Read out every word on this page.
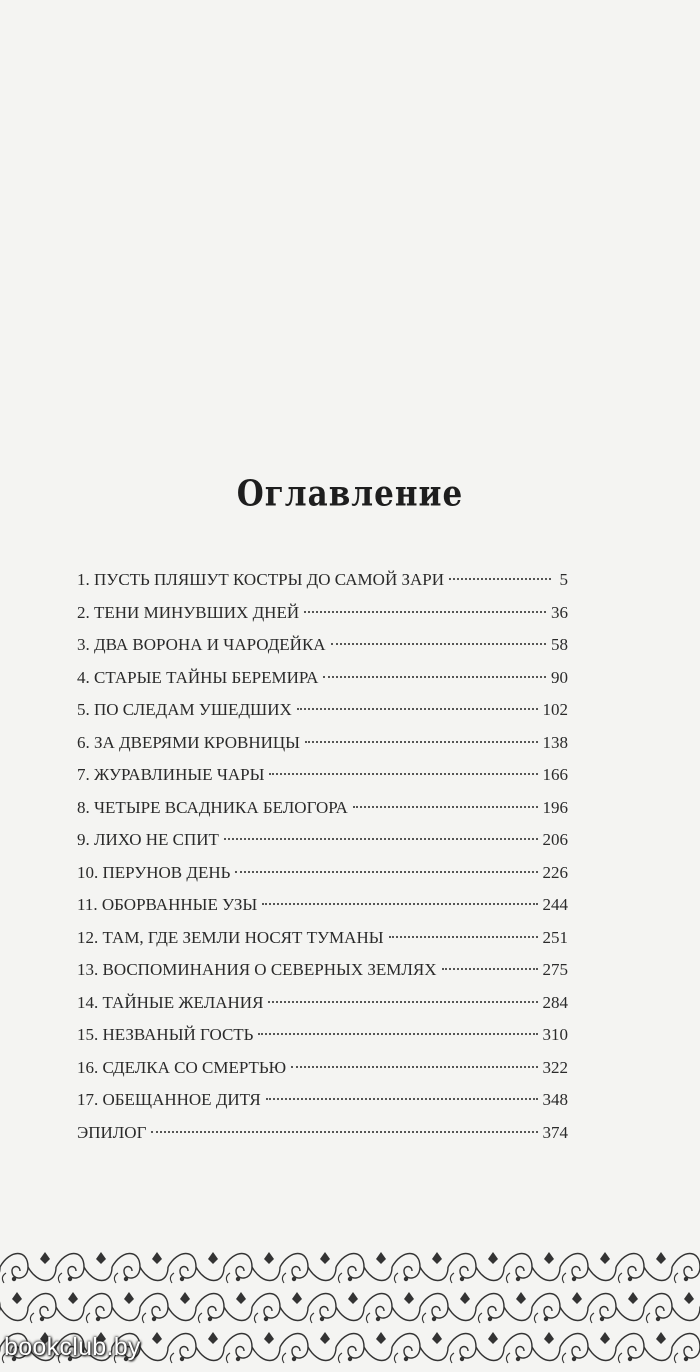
Оглавление
1. ПУСТЬ ПЛЯШУТ КОСТРЫ ДО САМОЙ ЗАРИ	5
2. ТЕНИ МИНУВШИХ ДНЕЙ	36
3. ДВА ВОРОНА И ЧАРОДЕЙКА	58
4. СТАРЫЕ ТАЙНЫ БЕРЕМИРА	90
5. ПО СЛЕДАМ УШЕДШИХ	102
6. ЗА ДВЕРЯМИ КРОВНИЦЫ	138
7. ЖУРАВЛИНЫЕ ЧАРЫ	166
8. ЧЕТЫРЕ ВСАДНИКА БЕЛОГОРА	196
9. ЛИХО НЕ СПИТ	206
10. ПЕРУНОВ ДЕНЬ	226
11. ОБОРВАННЫЕ УЗЫ	244
12. ТАМ, ГДЕ ЗЕМЛИ НОСЯТ ТУМАНЫ	251
13. ВОСПОМИНАНИЯ О СЕВЕРНЫХ ЗЕМЛЯХ	275
14. ТАЙНЫЕ ЖЕЛАНИЯ	284
15. НЕЗВАНЫЙ ГОСТЬ	310
16. СДЕЛКА СО СМЕРТЬЮ	322
17. ОБЕЩАННОЕ ДИТЯ	348
ЭПИЛОГ	374
bookclub.by
